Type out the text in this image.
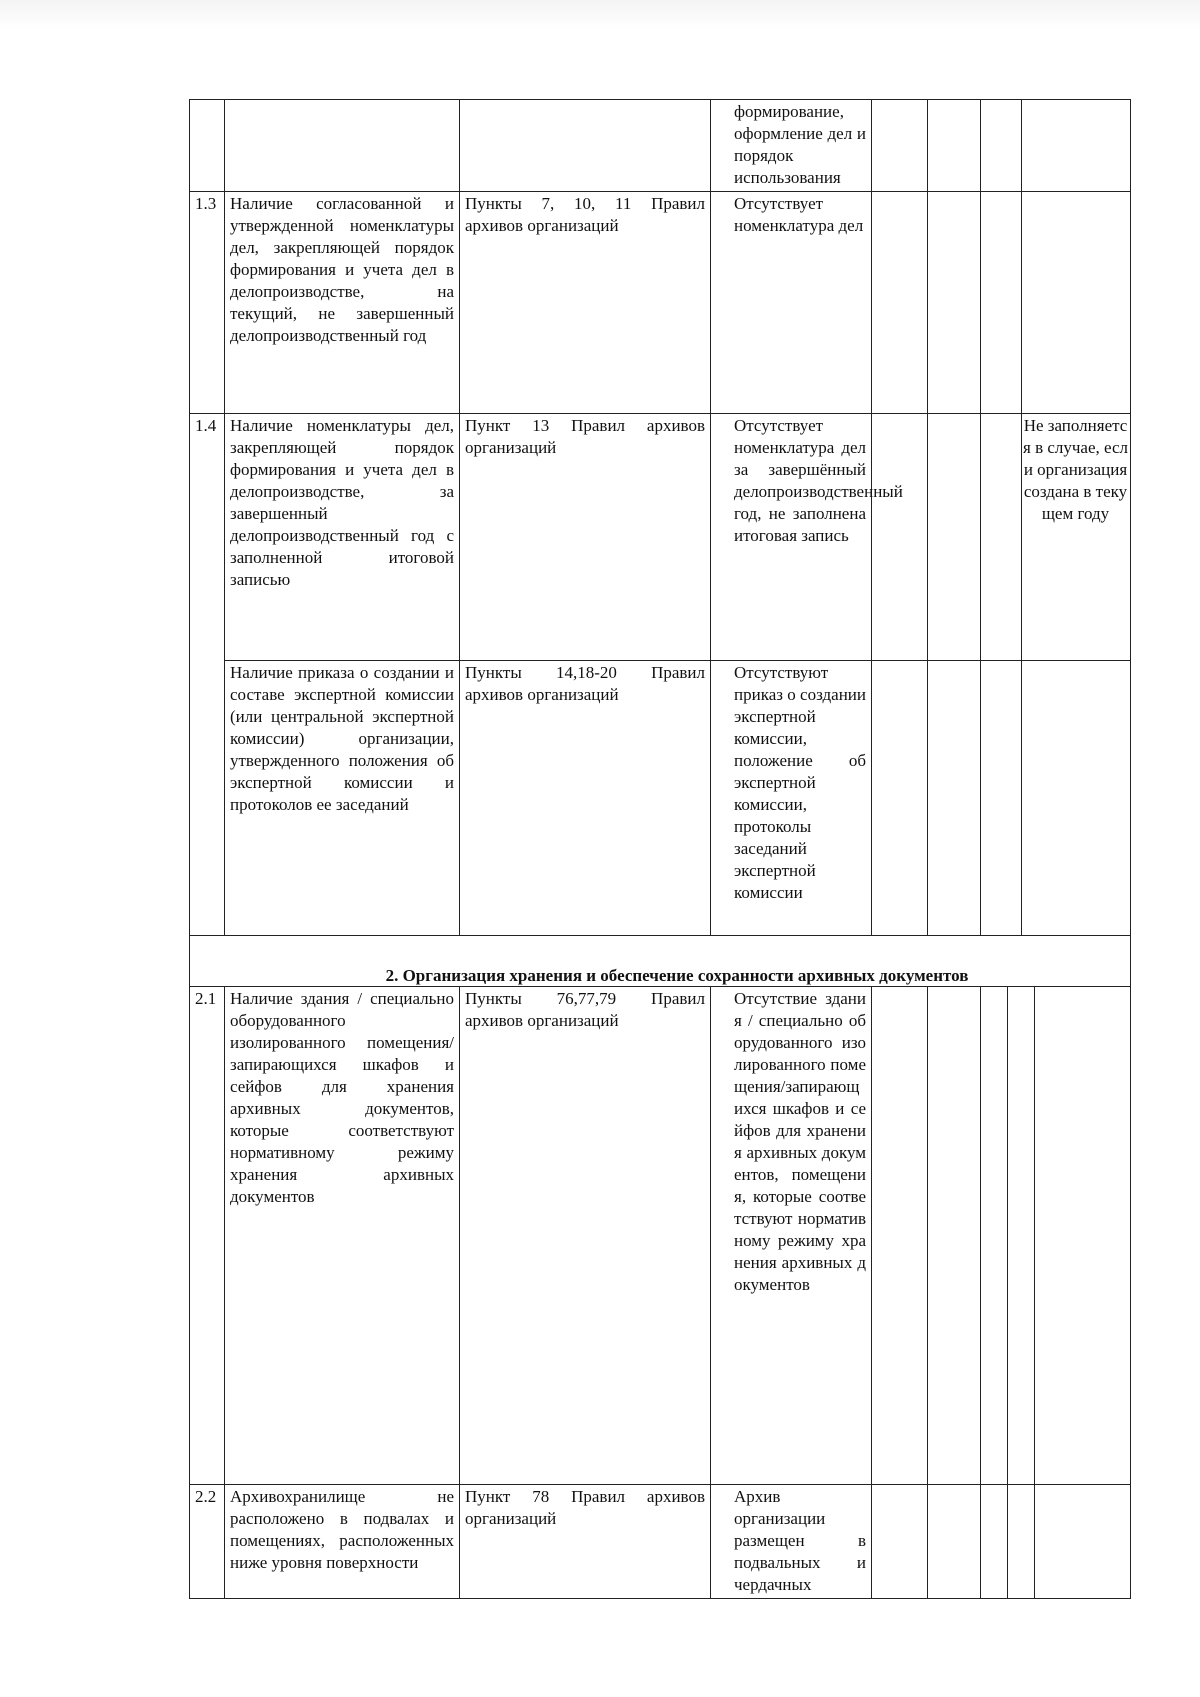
формирование, оформление дел и порядок использования
1.3 Наличие согласованной и утвержденной номенклатуры дел, закрепляющей порядок формирования и учета дел в делопроизводстве, на текущий, не завершенный делопроизводственный год
Пункты 7, 10, 11 Правил архивов организаций
Отсутствует номенклатура дел
1.4 Наличие номенклатуры дел, закрепляющей порядок формирования и учета дел в делопроизводстве, за завершенный делопроизводственный год с заполненной итоговой записью
Пункт 13 Правил архивов организаций
Отсутствует номенклатура дел за завершённый делопроизводственный год, не заполнена итоговая запись
Не заполняется в случае, если организация создана в текущем году
Наличие приказа о создании и составе экспертной комиссии (или центральной экспертной комиссии) организации, утвержденного положения об экспертной комиссии и протоколов ее заседаний
Пункты 14,18-20 Правил архивов организаций
Отсутствуют приказ о создании экспертной комиссии, положение об экспертной комиссии, протоколы заседаний экспертной комиссии
2. Организация хранения и обеспечение сохранности архивных документов
2.1 Наличие здания / специально оборудованного изолированного помещения/запирающихся шкафов и сейфов для хранения архивных документов, которые соответствуют нормативному режиму хранения архивных документов
Пункты 76,77,79 Правил архивов организаций
Отсутствие здания / специально оборудованного изолированного помещения/запирающихся шкафов и сейфов для хранения архивных документов, помещения, которые соответствуют нормативному режиму хранения архивных документов
2.2 Архивохранилище не расположено в подвалах и помещениях, расположенных ниже уровня поверхности
Пункт 78 Правил архивов организаций
Архив организации размещен в подвальных и чердачных
